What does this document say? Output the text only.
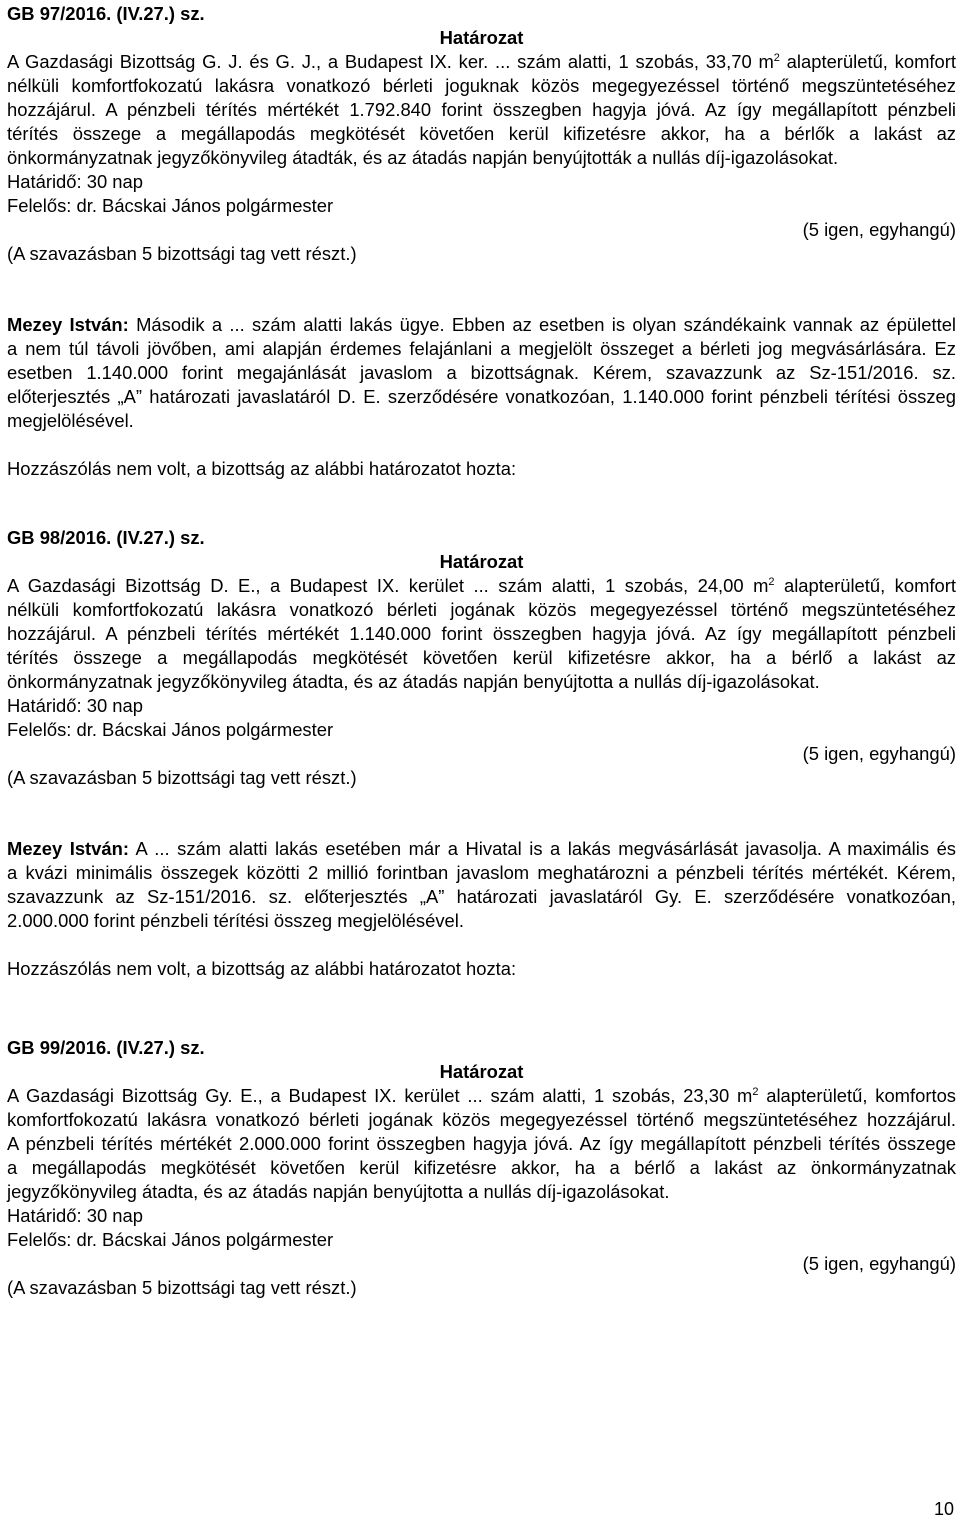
GB 97/2016. (IV.27.) sz.
Határozat
A Gazdasági Bizottság G. J. és G. J., a Budapest IX. ker. ... szám alatti, 1 szobás, 33,70 $m^2$ alapterületű, komfort
nélküli komfortfokozatú lakásra vonatkozó bérleti joguknak közös megegyezéssel történő megszüntetéséhez
hozzájárul. A pénzbeli térítés mértékét 1.792.840 forint összegben hagyja jóvá. Az így megállapított pénzbeli
térítés összege a megállapodás megkötését követően kerül kifizetésre akkor, ha a bérlők a lakást az
önkormányzatnak jegyzőkönyvileg átadták, és az átadás napján benyújtották a nullás díj-igazolásokat.
Határidő: 30 nap
Felelős: dr. Bácskai János polgármester
(5 igen, egyhangú)
(A szavazásban 5 bizottsági tag vett részt.)
Mezey István: Második a ... szám alatti lakás ügye. Ebben az esetben is olyan szándékaink vannak az épülettel
a nem túl távoli jövőben, ami alapján érdemes felajánlani a megjelölt összeget a bérleti jog megvásárlására. Ez
esetben 1.140.000 forint megajánlását javaslom a bizottságnak. Kérem, szavazzunk az Sz-151/2016. sz.
előterjesztés „A” határozati javaslatáról D. E. szerződésére vonatkozóan, 1.140.000 forint pénzbeli térítési összeg
megjelölésével.
Hozzászólás nem volt, a bizottság az alábbi határozatot hozta:
GB 98/2016. (IV.27.) sz.
Határozat
A Gazdasági Bizottság D. E., a Budapest IX. kerület ... szám alatti, 1 szobás, 24,00 $m^2$ alapterületű, komfort
nélküli komfortfokozatú lakásra vonatkozó bérleti jogának közös megegyezéssel történő megszüntetéséhez
hozzájárul. A pénzbeli térítés mértékét 1.140.000 forint összegben hagyja jóvá. Az így megállapított pénzbeli
térítés összege a megállapodás megkötését követően kerül kifizetésre akkor, ha a bérlő a lakást az
önkormányzatnak jegyzőkönyvileg átadta, és az átadás napján benyújtotta a nullás díj-igazolásokat.
Határidő: 30 nap
Felelős: dr. Bácskai János polgármester
(5 igen, egyhangú)
(A szavazásban 5 bizottsági tag vett részt.)
Mezey István: A ... szám alatti lakás esetében már a Hivatal is a lakás megvásárlását javasolja. A maximális és
a kvázi minimális összegek közötti 2 millió forintban javaslom meghatározni a pénzbeli térítés mértékét. Kérem,
szavazzunk az Sz-151/2016. sz. előterjesztés „A” határozati javaslatáról Gy. E. szerződésére vonatkozóan,
2.000.000 forint pénzbeli térítési összeg megjelölésével.
Hozzászólás nem volt, a bizottság az alábbi határozatot hozta:
GB 99/2016. (IV.27.) sz.
Határozat
A Gazdasági Bizottság Gy. E., a Budapest IX. kerület ... szám alatti, 1 szobás, 23,30 $m^2$ alapterületű, komfortos
komfortfokozatú lakásra vonatkozó bérleti jogának közös megegyezéssel történő megszüntetéséhez hozzájárul.
A pénzbeli térítés mértékét 2.000.000 forint összegben hagyja jóvá. Az így megállapított pénzbeli térítés összege
a megállapodás megkötését követően kerül kifizetésre akkor, ha a bérlő a lakást az önkormányzatnak
jegyzőkönyvileg átadta, és az átadás napján benyújtotta a nullás díj-igazolásokat.
Határidő: 30 nap
Felelős: dr. Bácskai János polgármester
(5 igen, egyhangú)
(A szavazásban 5 bizottsági tag vett részt.)
10
